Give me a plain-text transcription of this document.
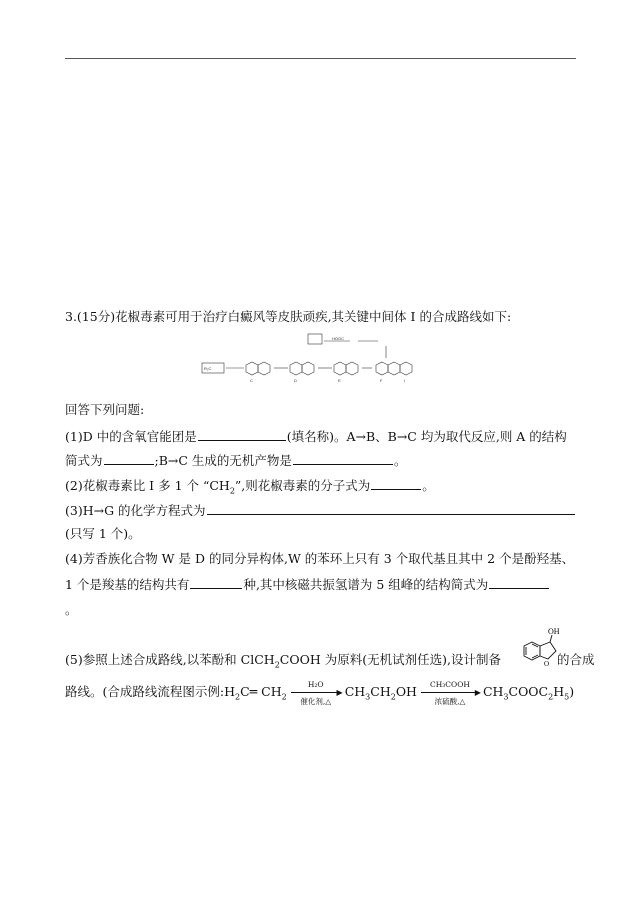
3.(15分)花椒毒素可用于治疗白癜风等皮肤顽疾,其关键中间体 I 的合成路线如下:
R₂C
C	D	E	F	I
HOOC
回答下列问题:
(1)D 中的含氧官能团是	(填名称)。A→B、B→C 均为取代反应,则 A 的结构
简式为	;B→C 生成的无机产物是	。
(2)花椒毒素比 I 多 1 个 “$CH_2$”,则花椒毒素的分子式为	。
(3)H→G 的化学方程式为
(只写 1 个)。
(4)芳香族化合物 W 是 D 的同分异构体,W 的苯环上只有 3 个取代基且其中 2 个是酚羟基、
1 个是羧基的结构共有	种,其中核磁共振氢谱为 5 组峰的结构简式为
。
(5)参照上述合成路线,以苯酚和 ClCH$_2$COOH 为原料(无机试剂任选),设计制备	的合成
OH
O
路线。(合成路线流程图示例$:H_2C═$ $CH_2$
H₂O
▶
催化剂,△
$CH_3CH_2OH$	CH₃COOH
▶
浓硫酸,△
$CH_3COOC_2H_5$)
